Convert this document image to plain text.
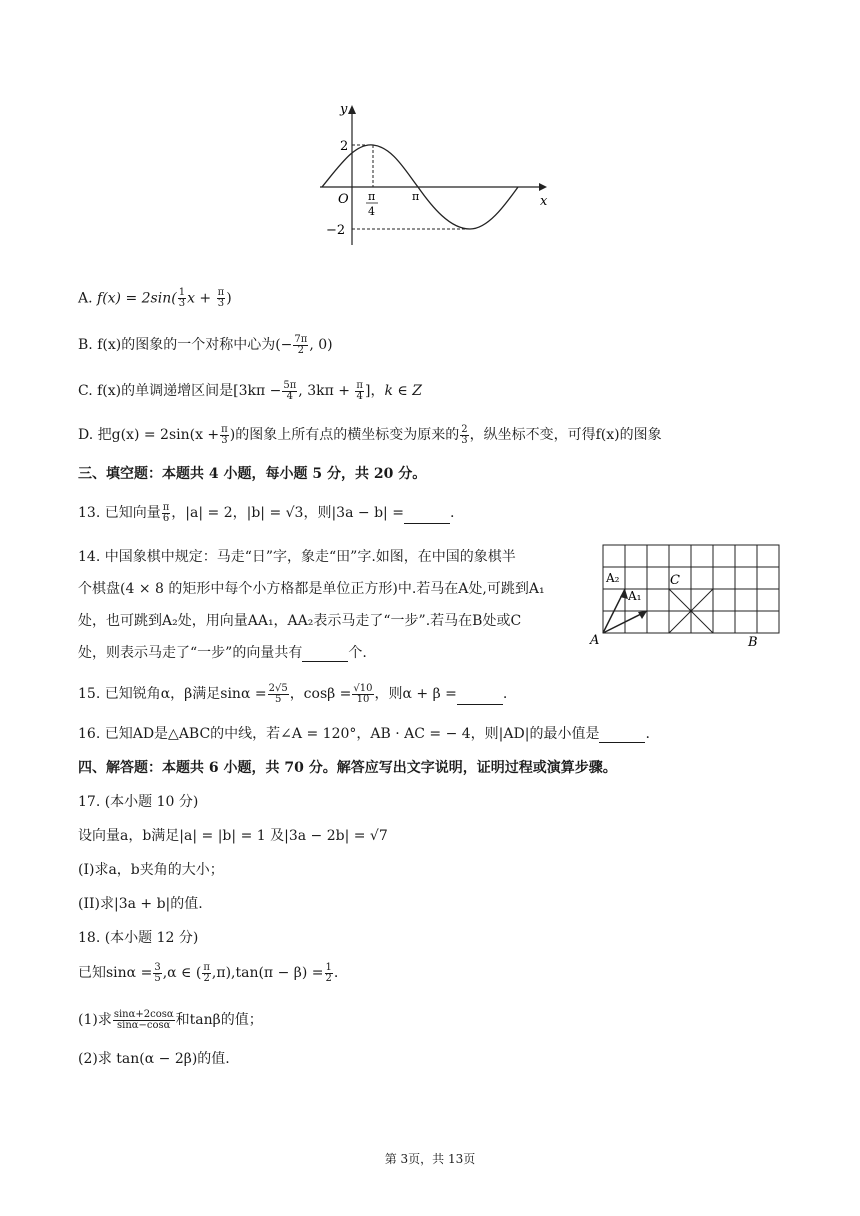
y
x
O
2
−2
π
4
π
A. $f(x) = 2\sin( \frac{1}{3}$ $x + \frac{\pi}{3}$ )
B. f(x)的图象的一个对称中心为(− $\frac{7\pi}{2}$ , 0)
C. f(x)的单调递增区间是[$3k\pi - \frac{5\pi}{4}$ , $3k\pi + \frac{\pi}{4}$ ]，k ∈ Z
D. 把$g(x) = 2\sin(x + \frac{\pi}{3}$ )的图象上所有点的横坐标变为原来的 $\frac{2}{3}$ ，纵坐标不变，可得f(x)的图象
三、填空题：本题共 4 小题，每小题 5 分，共 20 分。
13. 已知向量 $\frac{\pi}{6}$ ，|a| = 2，|b| = √3，则|3a − b| =	.
14. 中国象棋中规定：马走“日”字，象走“田”字.如图，在中国的象棋半
个棋盘(4 × 8 的矩形中每个小方格都是单位正方形)中.若马在A处,可跳到A₁
处，也可跳到A₂处，用向量AA₁，AA₂表示马走了“一步”.若马在B处或C
处，则表示马走了“一步”的向量共有	个.
A	B
C
A₂
A₁
15. 已知锐角α，β满足$\sin\alpha = \frac{2√5}{5}$ ，$\cos\beta = \frac{√10}{10}$ ，则α + β =	.
16. 已知AD是△ABC的中线，若∠A = 120°，AB · AC = − 4，则|AD|的最小值是	.
四、解答题：本题共 6 小题，共 70 分。解答应写出文字说明，证明过程或演算步骤。
17. (本小题 10 分)
设向量a，b满足|a| = |b| = 1 及|3a − 2b| = √7
(I)求a，b夹角的大小；
(II)求|3a + b|的值.
18. (本小题 12 分)
已知$\sin\alpha = \frac{3}{5} ,\alpha$ ∈ ( $\frac{\pi}{2} ,\pi),\tan(\pi - \beta) = \frac{1}{2}$ .
(1)求 $\frac{\sin\alpha+2\cos\alpha}{\sin\alpha-\cos\alpha}$ 和tanβ的值；
(2)求 tan(α − 2β)的值.
第 3页，共 13页
